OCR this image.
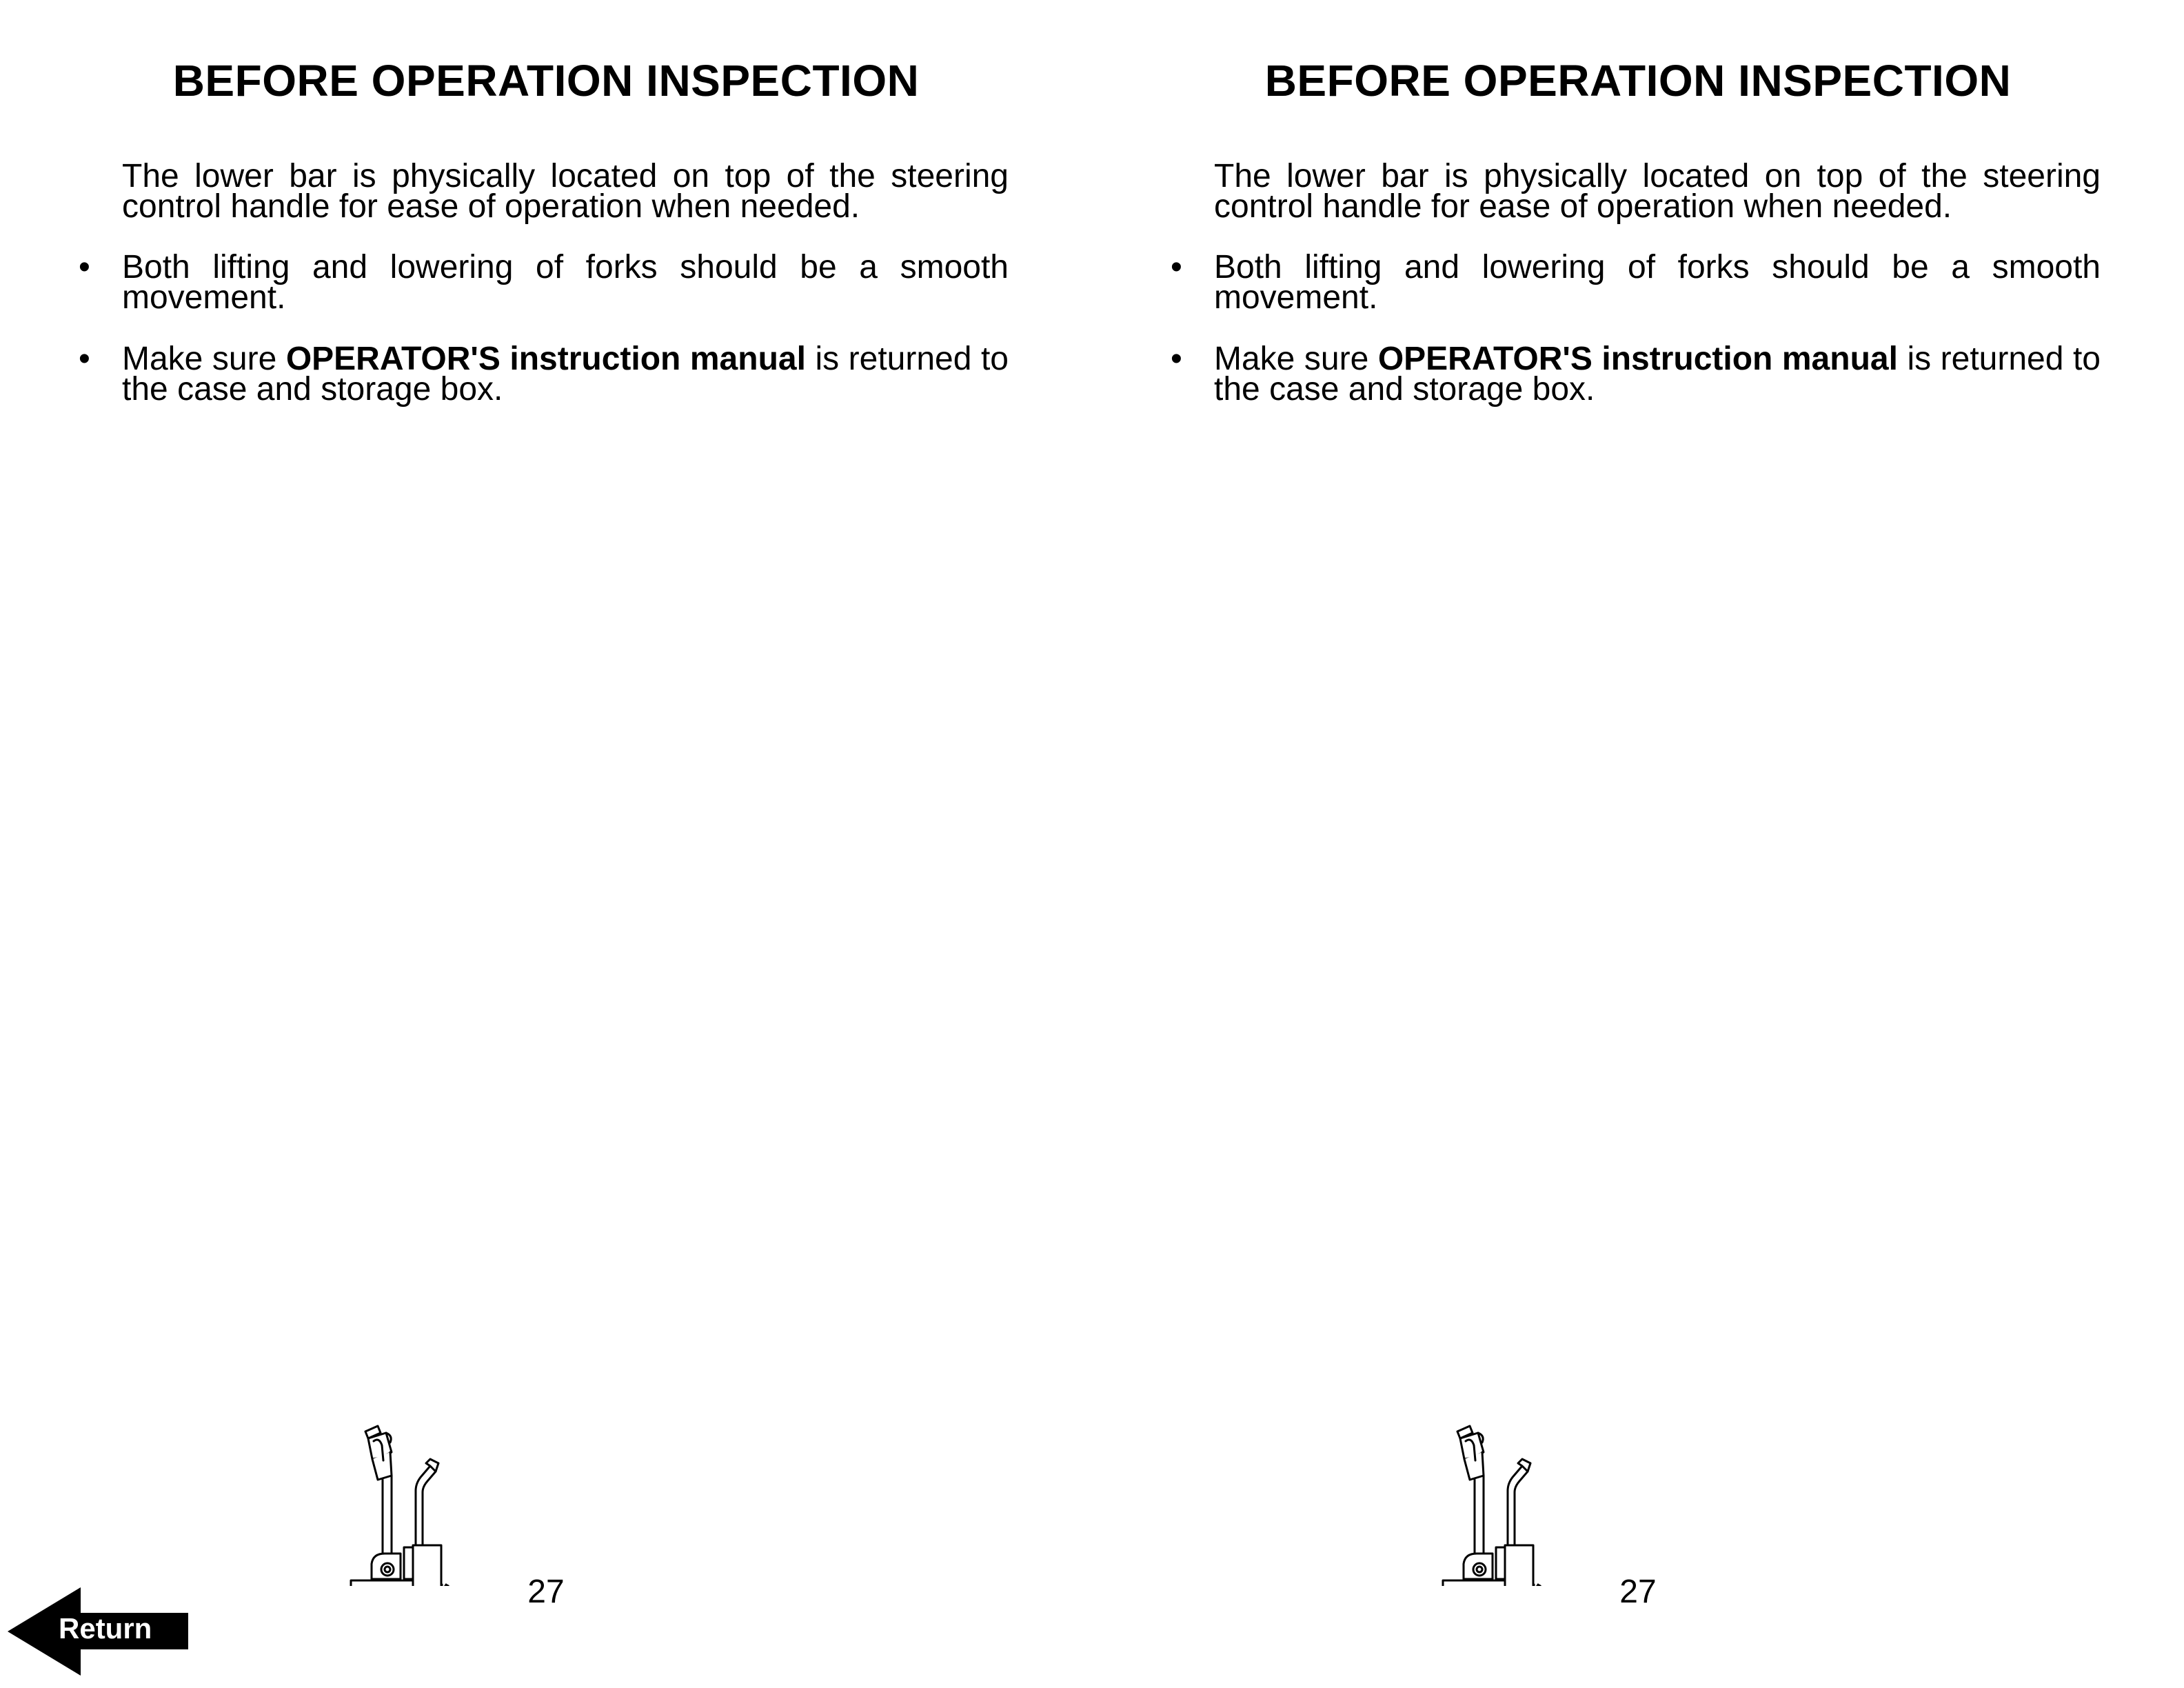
BEFORE OPERATION INSPECTION

The lower bar is physically located on top of the steering control handle for ease of operation when needed.

• Both lifting and lowering of forks should be a smooth movement.

• Make sure OPERATOR'S instruction manual is returned to the case and storage box.

27
BEFORE OPERATION INSPECTION

The lower bar is physically located on top of the steering control handle for ease of operation when needed.

• Both lifting and lowering of forks should be a smooth movement.

• Make sure OPERATOR'S instruction manual is returned to the case and storage box.

27
Return
